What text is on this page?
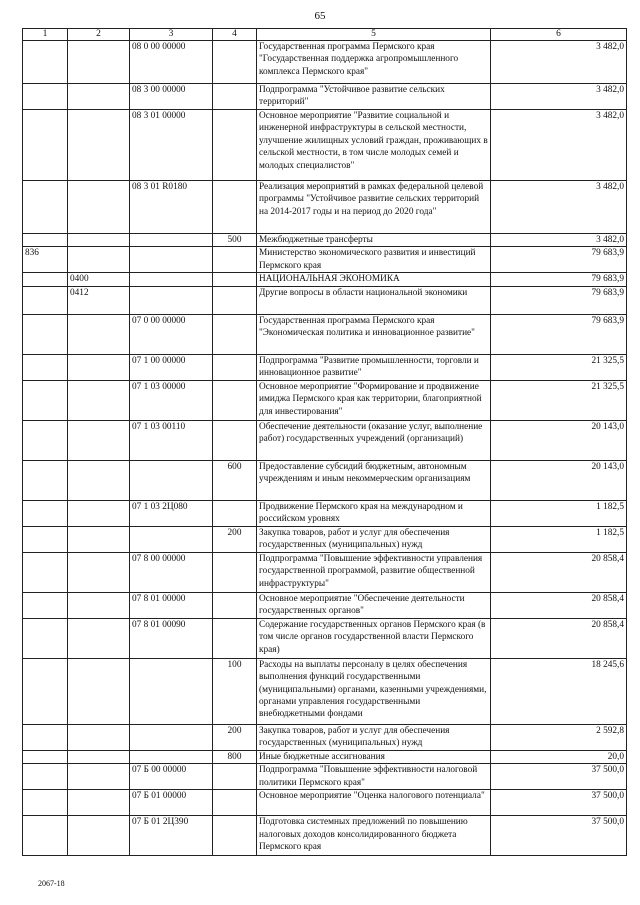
65
1	2	3	4	5	6
		08 0 00 00000		Государственная программа Пермского края "Государственная поддержка агропромышленного комплекса Пермского края"	3 482,0
		08 3 00 00000		Подпрограмма "Устойчивое развитие сельских территорий"	3 482,0
		08 3 01 00000		Основное мероприятие "Развитие социальной и инженерной инфраструктуры в сельской местности, улучшение жилищных условий граждан, проживающих в сельской местности, в том числе молодых семей и молодых специалистов"	3 482,0
		08 3 01 R0180		Реализация мероприятий в рамках федеральной целевой программы "Устойчивое развитие сельских территорий на 2014-2017 годы и на период до 2020 года"	3 482,0
			500	Межбюджетные трансферты	3 482,0
836				Министерство экономического развития и инвестиций Пермского края	79 683,9
	0400			НАЦИОНАЛЬНАЯ ЭКОНОМИКА	79 683,9
	0412			Другие вопросы в области национальной экономики	79 683,9
		07 0 00 00000		Государственная программа Пермского края "Экономическая политика и инновационное развитие"	79 683,9
		07 1 00 00000		Подпрограмма "Развитие промышленности, торговли и инновационное развитие"	21 325,5
		07 1 03 00000		Основное мероприятие "Формирование и продвижение имиджа Пермского края как территории, благоприятной для инвестирования"	21 325,5
		07 1 03 00110		Обеспечение деятельности (оказание услуг, выполнение работ) государственных учреждений (организаций)	20 143,0
			600	Предоставление субсидий бюджетным, автономным учреждениям и иным некоммерческим организациям	20 143,0
		07 1 03 2Ц080		Продвижение Пермского края на международном и российском уровнях	1 182,5
			200	Закупка товаров, работ и услуг для обеспечения государственных (муниципальных) нужд	1 182,5
		07 8 00 00000		Подпрограмма "Повышение эффективности управления государственной программой, развитие общественной инфраструктуры"	20 858,4
		07 8 01 00000		Основное мероприятие "Обеспечение деятельности государственных органов"	20 858,4
		07 8 01 00090		Содержание государственных органов Пермского края (в том числе органов государственной власти Пермского края)	20 858,4
			100	Расходы на выплаты персоналу в целях обеспечения выполнения функций государственными (муниципальными) органами, казенными учреждениями, органами управления государственными внебюджетными фондами	18 245,6
			200	Закупка товаров, работ и услуг для обеспечения государственных (муниципальных) нужд	2 592,8
			800	Иные бюджетные ассигнования	20,0
		07 Б 00 00000		Подпрограмма "Повышение эффективности налоговой политики Пермского края"	37 500,0
		07 Б 01 00000		Основное мероприятие "Оценка налогового потенциала"	37 500,0
		07 Б 01 2Ц390		Подготовка системных предложений по повышению налоговых доходов консолидированного бюджета Пермского края	37 500,0
2067-18
